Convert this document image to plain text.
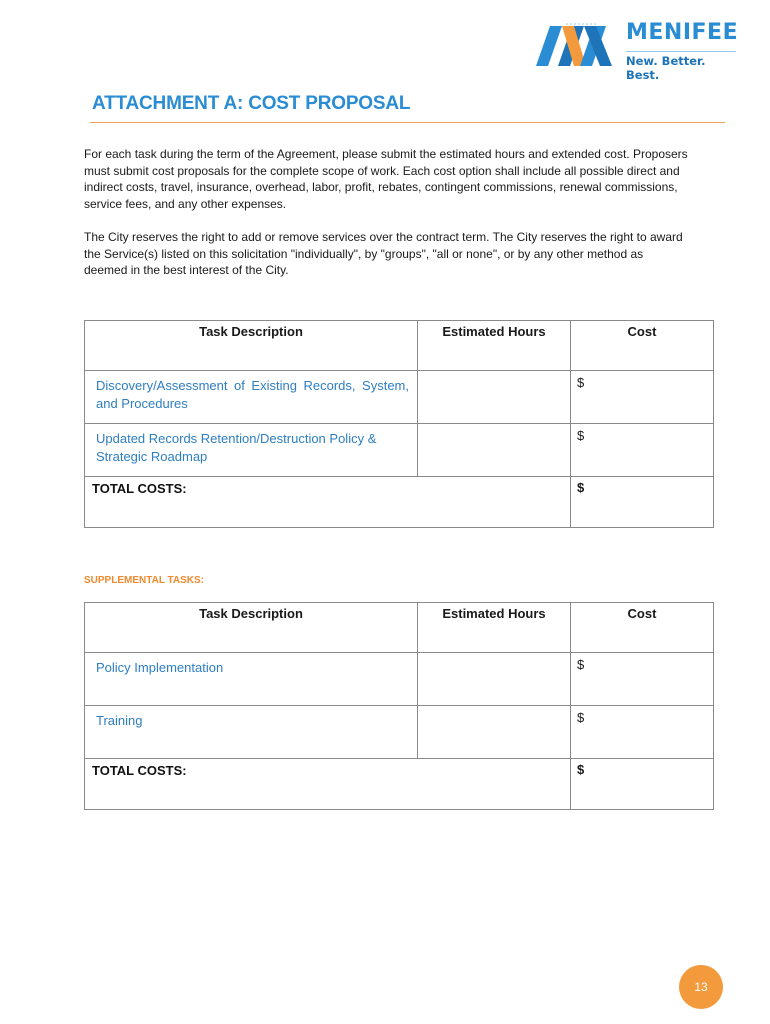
MENIFEE
New. Better. Best.
ATTACHMENT A: COST PROPOSAL

For each task during the term of the Agreement, please submit the estimated hours and extended cost. Proposers must submit cost proposals for the complete scope of work. Each cost option shall include all possible direct and indirect costs, travel, insurance, overhead, labor, profit, rebates, contingent commissions, renewal commissions, service fees, and any other expenses.

The City reserves the right to add or remove services over the contract term. The City reserves the right to award the Service(s) listed on this solicitation "individually", by "groups", "all or none", or by any other method as deemed in the best interest of the City.

Task Description	Estimated Hours	Cost
Discovery/Assessment of Existing Records, System, and Procedures		$
Updated Records Retention/Destruction Policy & Strategic Roadmap		$
TOTAL COSTS:		$

SUPPLEMENTAL TASKS:

Task Description	Estimated Hours	Cost
Policy Implementation		$
Training		$
TOTAL COSTS:		$
13
